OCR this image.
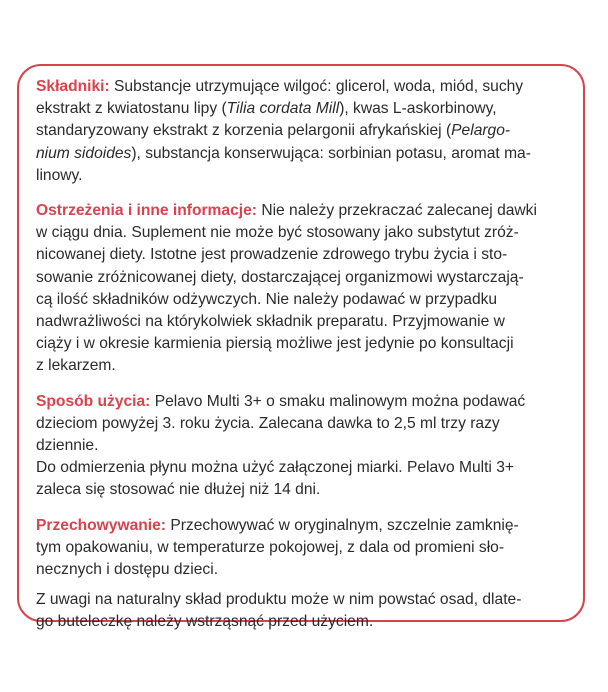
Składniki: Substancje utrzymujące wilgoć: glicerol, woda, miód, suchy

ekstrakt z kwiatostanu lipy (Tilia cordata Mill), kwas L-askorbinowy,

standaryzowany ekstrakt z korzenia pelargonii afrykańskiej (Pelargo-

nium sidoides), substancja konserwująca: sorbinian potasu, aromat ma-

linowy.

Ostrzeżenia i inne informacje: Nie należy przekraczać zalecanej dawki

w ciągu dnia. Suplement nie może być stosowany jako substytut zróż-

nicowanej diety. Istotne jest prowadzenie zdrowego trybu życia i sto-

sowanie zróżnicowanej diety, dostarczającej organizmowi wystarczają-

cą ilość składników odżywczych. Nie należy podawać w przypadku

nadwrażliwości na którykolwiek składnik preparatu. Przyjmowanie w

ciąży i w okresie karmienia piersią możliwe jest jedynie po konsultacji

z lekarzem.

Sposób użycia: Pelavo Multi 3+ o smaku malinowym można podawać

dzieciom powyżej 3. roku życia. Zalecana dawka to 2,5 ml trzy razy

dziennie.

Do odmierzenia płynu można użyć załączonej miarki. Pelavo Multi 3+

zaleca się stosować nie dłużej niż 14 dni.

Przechowywanie: Przechowywać w oryginalnym, szczelnie zamknię-

tym opakowaniu, w temperaturze pokojowej, z dala od promieni sło-

necznych i dostępu dzieci.

Z uwagi na naturalny skład produktu może w nim powstać osad, dlate-

go buteleczkę należy wstrząsnąć przed użyciem.
